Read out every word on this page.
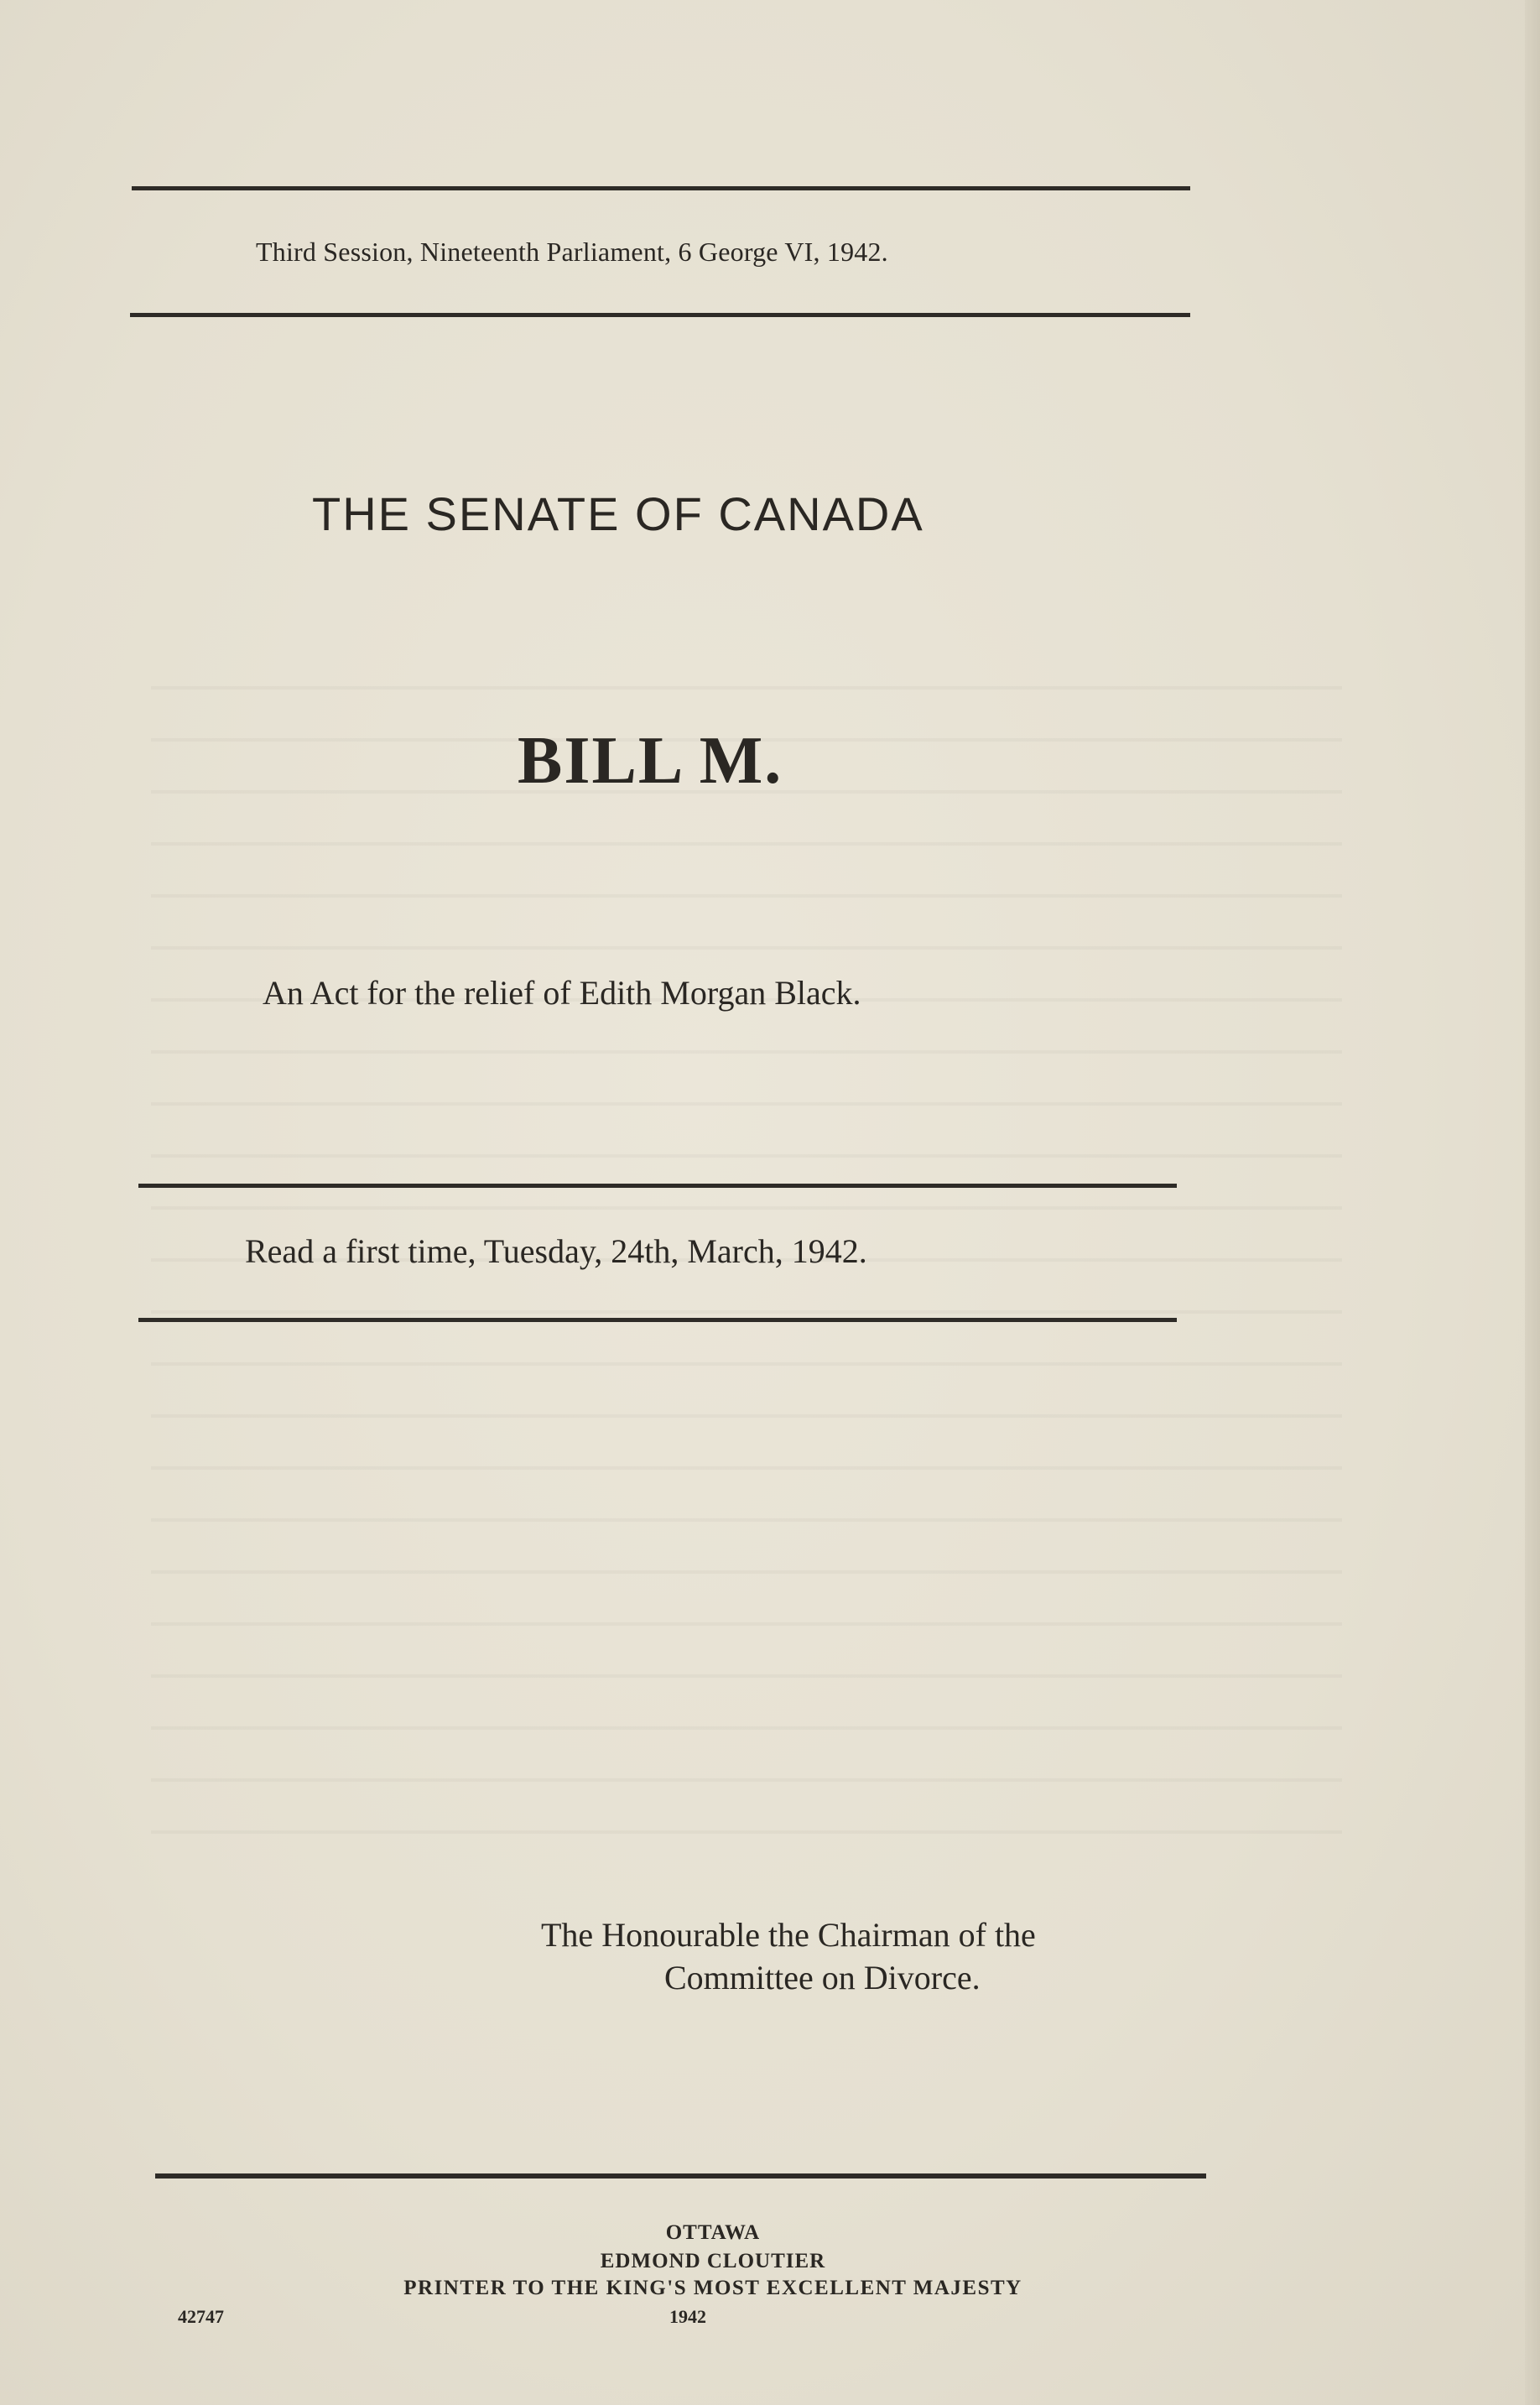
Third Session, Nineteenth Parliament, 6 George VI, 1942.
THE SENATE OF CANADA
BILL M.
An Act for the relief of Edith Morgan Black.
Read a first time, Tuesday, 24th, March, 1942.
The Honourable the Chairman of the
Committee on Divorce.
OTTAWA
EDMOND CLOUTIER
PRINTER TO THE KING'S MOST EXCELLENT MAJESTY
42747	1942
